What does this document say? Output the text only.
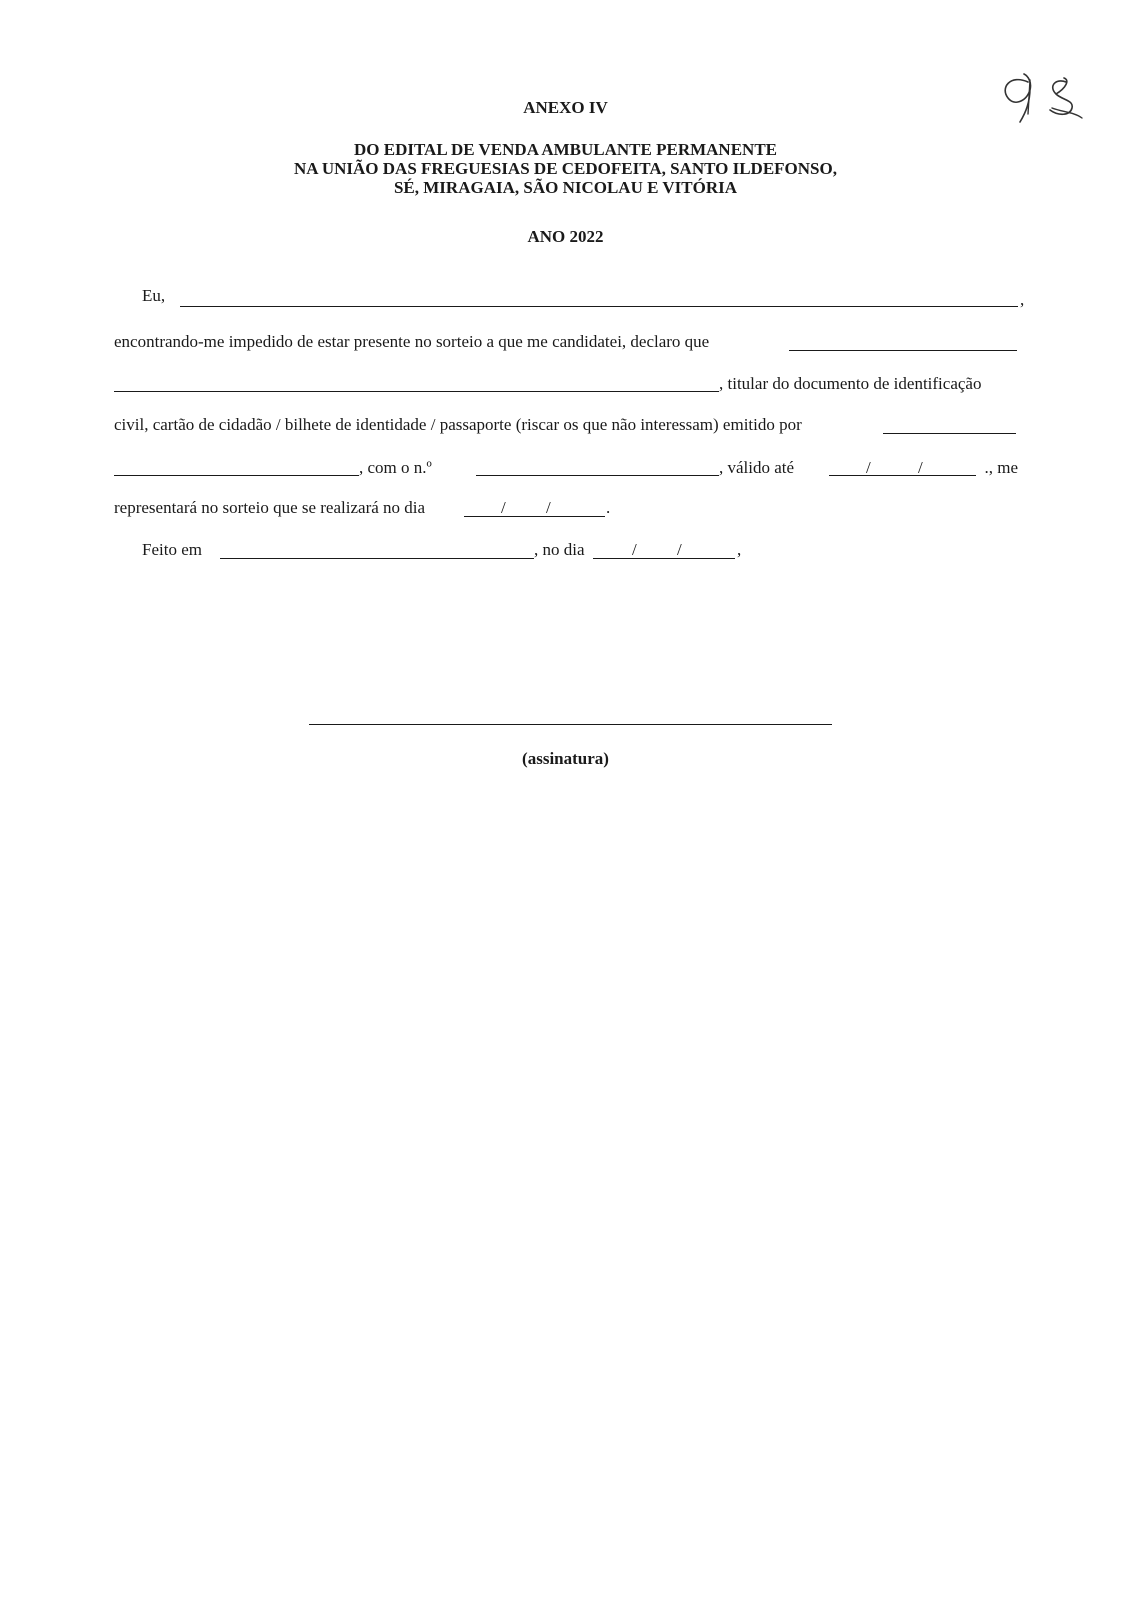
ANEXO IV
DO EDITAL DE VENDA AMBULANTE PERMANENTE
NA UNIÃO DAS FREGUESIAS DE CEDOFEITA, SANTO ILDEFONSO,
SÉ, MIRAGAIA, SÃO NICOLAU E VITÓRIA
ANO 2022
Eu,	,
encontrando-me impedido de estar presente no sorteio a que me candidatei, declaro que
, titular do documento de identificação
civil, cartão de cidadão / bilhete de identidade / passaporte (riscar os que não interessam) emitido por
, com o n.º	, válido até	/	/	., me
representará no sorteio que se realizará no dia	/ /	.
Feito em	, no dia	/ /	,
(assinatura)
